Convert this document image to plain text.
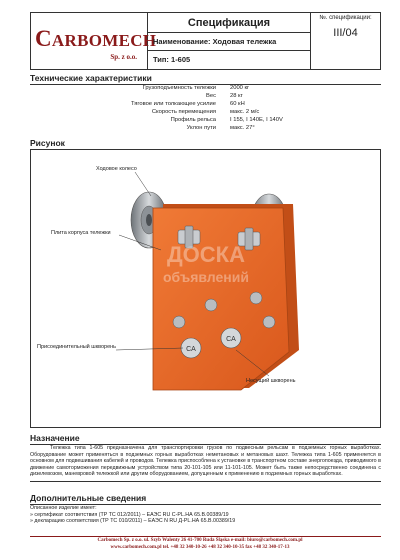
CARBOMECH
Sp. z o.o.
Спецификация
Наименование: Ходовая тележка
Тип: 1-605
№. спецификации:
III/04
Технические характеристики
Грузоподъемность тележки 2000 кг
Вес 28 кг
Тяговое или толкающее усилие 60 кН
Скорость перемещения макс. 2 м/с
Профиль рельса I 155, I 140E, I 140V
Уклон пути макс. 27°
Рисунок
CA
CA
ДОСКА
объявлений
Ходовое колесо
Плита корпуса тележки
Присоединительный шкворень
Несущий шкворень
Назначение
Тележка типа 1-605 предназначена для транспортировки грузов по подвесным рельсам в подземных горных выработках. Оборудование может применяться в подземных горных выработках неметановых и метановых шахт. Тележка типа 1-605 применяется в основном для подвешивания кабелей и проводов. Тележка приспособлена к установке в транспортном составе энергопоезда, приводимого в движение самоторможения передвижным устройством типа 20-101-105 или 11-101-105. Может быть также непосредственно соединена с дизелевозом, маневровой тележкой или другим оборудованием, допущенным к применению в подземных горных выработках.
Дополнительные сведения
Описанное изделие имеет:
» сертификат соответствия (ТР ТС 012/2011) – ЕАЭС RU С-PL.НА 65.В.00389/19
» декларацию соответствия (ТР ТС 010/2011) – ЕАЭС N RU Д-PL.НА 65.В.00389/19
Carbomech Sp. z o.o. ul. Szyb Walenty 26 41-700 Ruda Śląska e-mail: biuro@carbomech.com.pl
www.carbomech.com.pl tel. +48 32 340-10-26 +48 32 340-10-35 fax +48 32 340-17-13
